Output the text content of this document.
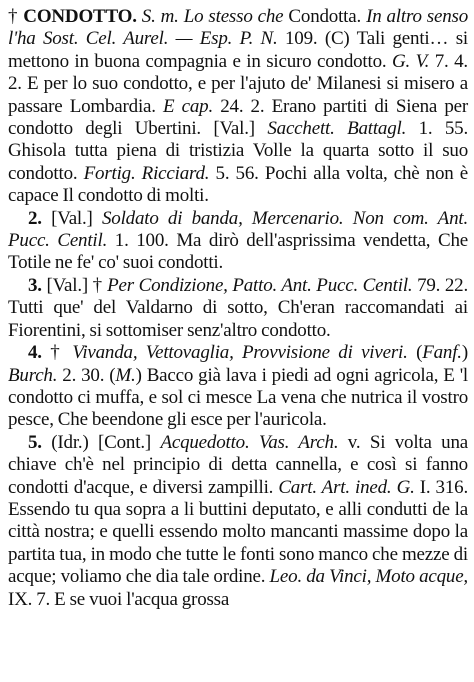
† CONDOTTO. S. m. Lo stesso che Condotta. In altro senso l'ha Sost. Cel. Aurel. — Esp. P. N. 109. (C) Tali genti… si mettono in buona compagnia e in sicuro condotto. G. V. 7. 4. 2. E per lo suo condotto, e per l'ajuto de' Milanesi si misero a passare Lombardia. E cap. 24. 2. Erano partiti di Siena per condotto degli Ubertini. [Val.] Sacchett. Battagl. 1. 55. Ghisola tutta piena di tristizia Volle la quarta sotto il suo condotto. Fortig. Ricciard. 5. 56. Pochi alla volta, chè non è capace Il condotto di molti.

2. [Val.] Soldato di banda, Mercenario. Non com. Ant. Pucc. Centil. 1. 100. Ma dirò dell'asprissima vendetta, Che Totile ne fe' co' suoi condotti.

3. [Val.] † Per Condizione, Patto. Ant. Pucc. Centil. 79. 22. Tutti que' del Valdarno di sotto, Ch'eran raccomandati ai Fiorentini, si sottomiser senz'altro condotto.

4. † Vivanda, Vettovaglia, Provvisione di viveri. (Fanf.) Burch. 2. 30. (M.) Bacco già lava i piedi ad ogni agricola, E 'l condotto ci muffa, e sol ci mesce La vena che nutrica il vostro pesce, Che beendone gli esce per l'auricola.

5. (Idr.) [Cont.] Acquedotto. Vas. Arch. v. Si volta una chiave ch'è nel principio di detta cannella, e così si fanno condotti d'acque, e diversi zampilli. Cart. Art. ined. G. I. 316. Essendo tu qua sopra a li buttini deputato, e alli condutti de la città nostra; e quelli essendo molto mancanti massime dopo la partita tua, in modo che tutte le fonti sono manco che mezze di acque; voliamo che dia tale ordine. Leo. da Vinci, Moto acque, IX. 7. E se vuoi l'acqua grossa
